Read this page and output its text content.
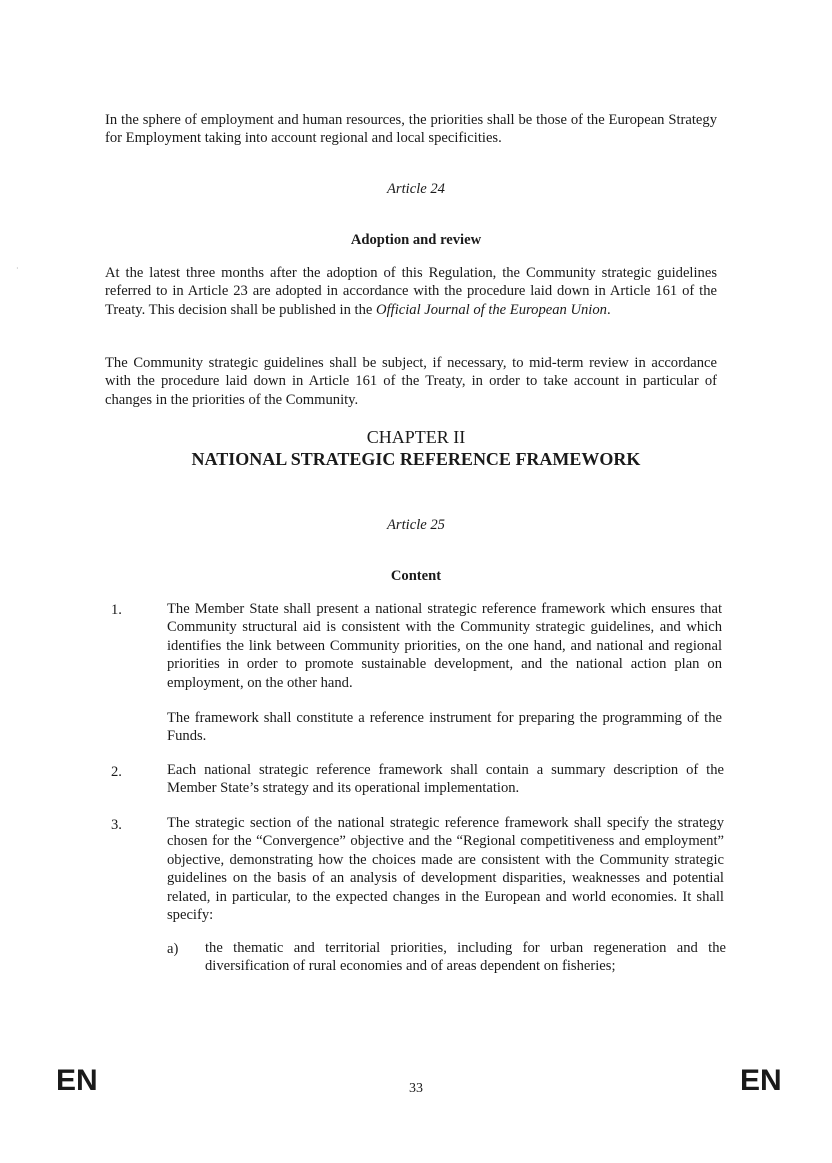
·
In the sphere of employment and human resources, the priorities shall be those of the European Strategy for Employment taking into account regional and local specificities.
Article 24
Adoption and review
At the latest three months after the adoption of this Regulation, the Community strategic guidelines referred to in Article 23 are adopted in accordance with the procedure laid down in Article 161 of the Treaty. This decision shall be published in the Official Journal of the European Union.
The Community strategic guidelines shall be subject, if necessary, to mid-term review in accordance with the procedure laid down in Article 161 of the Treaty, in order to take account in particular of changes in the priorities of the Community.
CHAPTER II
NATIONAL STRATEGIC REFERENCE FRAMEWORK
Article 25
Content
1.	The Member State shall present a national strategic reference framework which ensures that Community structural aid is consistent with the Community strategic guidelines, and which identifies the link between Community priorities, on the one hand, and national and regional priorities in order to promote sustainable development, and the national action plan on employment, on the other hand.
The framework shall constitute a reference instrument for preparing the programming of the Funds.
2.	Each national strategic reference framework shall contain a summary description of the Member State’s strategy and its operational implementation.
3.	The strategic section of the national strategic reference framework shall specify the strategy chosen for the “Convergence” objective and the “Regional competitiveness and employment” objective, demonstrating how the choices made are consistent with the Community strategic guidelines on the basis of an analysis of development disparities, weaknesses and potential related, in particular, to the expected changes in the European and world economies. It shall specify:
a) the thematic and territorial priorities, including for urban regeneration and the diversification of rural economies and of areas dependent on fisheries;
EN	33	EN
